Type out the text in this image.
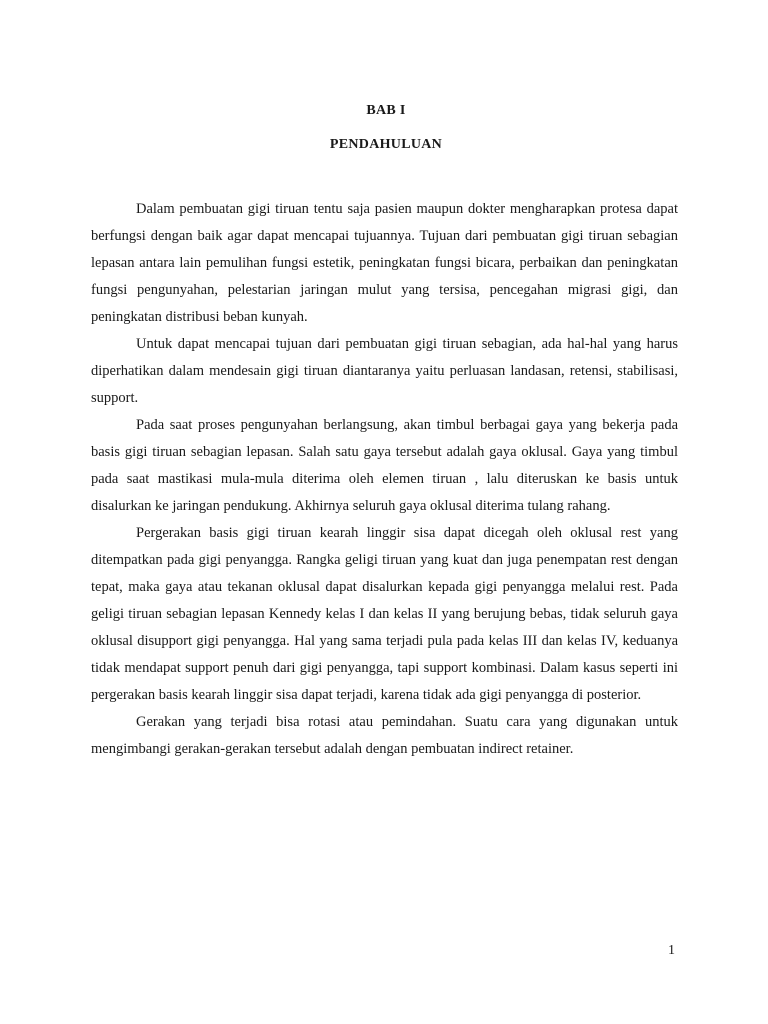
BAB I
PENDAHULUAN

Dalam pembuatan gigi tiruan tentu saja pasien maupun dokter mengharapkan protesa dapat berfungsi dengan baik agar dapat mencapai tujuannya. Tujuan dari pembuatan gigi tiruan sebagian lepasan antara lain pemulihan fungsi estetik, peningkatan fungsi bicara, perbaikan dan peningkatan fungsi pengunyahan, pelestarian jaringan mulut yang tersisa, pencegahan migrasi gigi, dan peningkatan distribusi beban kunyah.

Untuk dapat mencapai tujuan dari pembuatan gigi tiruan sebagian, ada hal-hal yang harus diperhatikan dalam mendesain gigi tiruan diantaranya yaitu perluasan landasan, retensi, stabilisasi, support.

Pada saat proses pengunyahan berlangsung, akan timbul berbagai gaya yang bekerja pada basis gigi tiruan sebagian lepasan. Salah satu gaya tersebut adalah gaya oklusal. Gaya yang timbul pada saat mastikasi mula-mula diterima oleh elemen tiruan , lalu diteruskan ke basis untuk disalurkan ke jaringan pendukung. Akhirnya seluruh gaya oklusal diterima tulang rahang.

Pergerakan basis gigi tiruan kearah linggir sisa dapat dicegah oleh oklusal rest yang ditempatkan pada gigi penyangga. Rangka geligi tiruan yang kuat dan juga penempatan rest dengan tepat, maka gaya atau tekanan oklusal dapat disalurkan kepada gigi penyangga melalui rest. Pada geligi tiruan sebagian lepasan Kennedy kelas I dan kelas II yang berujung bebas, tidak seluruh gaya oklusal disupport gigi penyangga. Hal yang sama terjadi pula pada kelas III dan kelas IV, keduanya tidak mendapat support penuh dari gigi penyangga, tapi support kombinasi. Dalam kasus seperti ini pergerakan basis kearah linggir sisa dapat terjadi, karena tidak ada gigi penyangga di posterior.

Gerakan yang terjadi bisa rotasi atau pemindahan. Suatu cara yang digunakan untuk mengimbangi gerakan-gerakan tersebut adalah dengan pembuatan indirect retainer.

1
